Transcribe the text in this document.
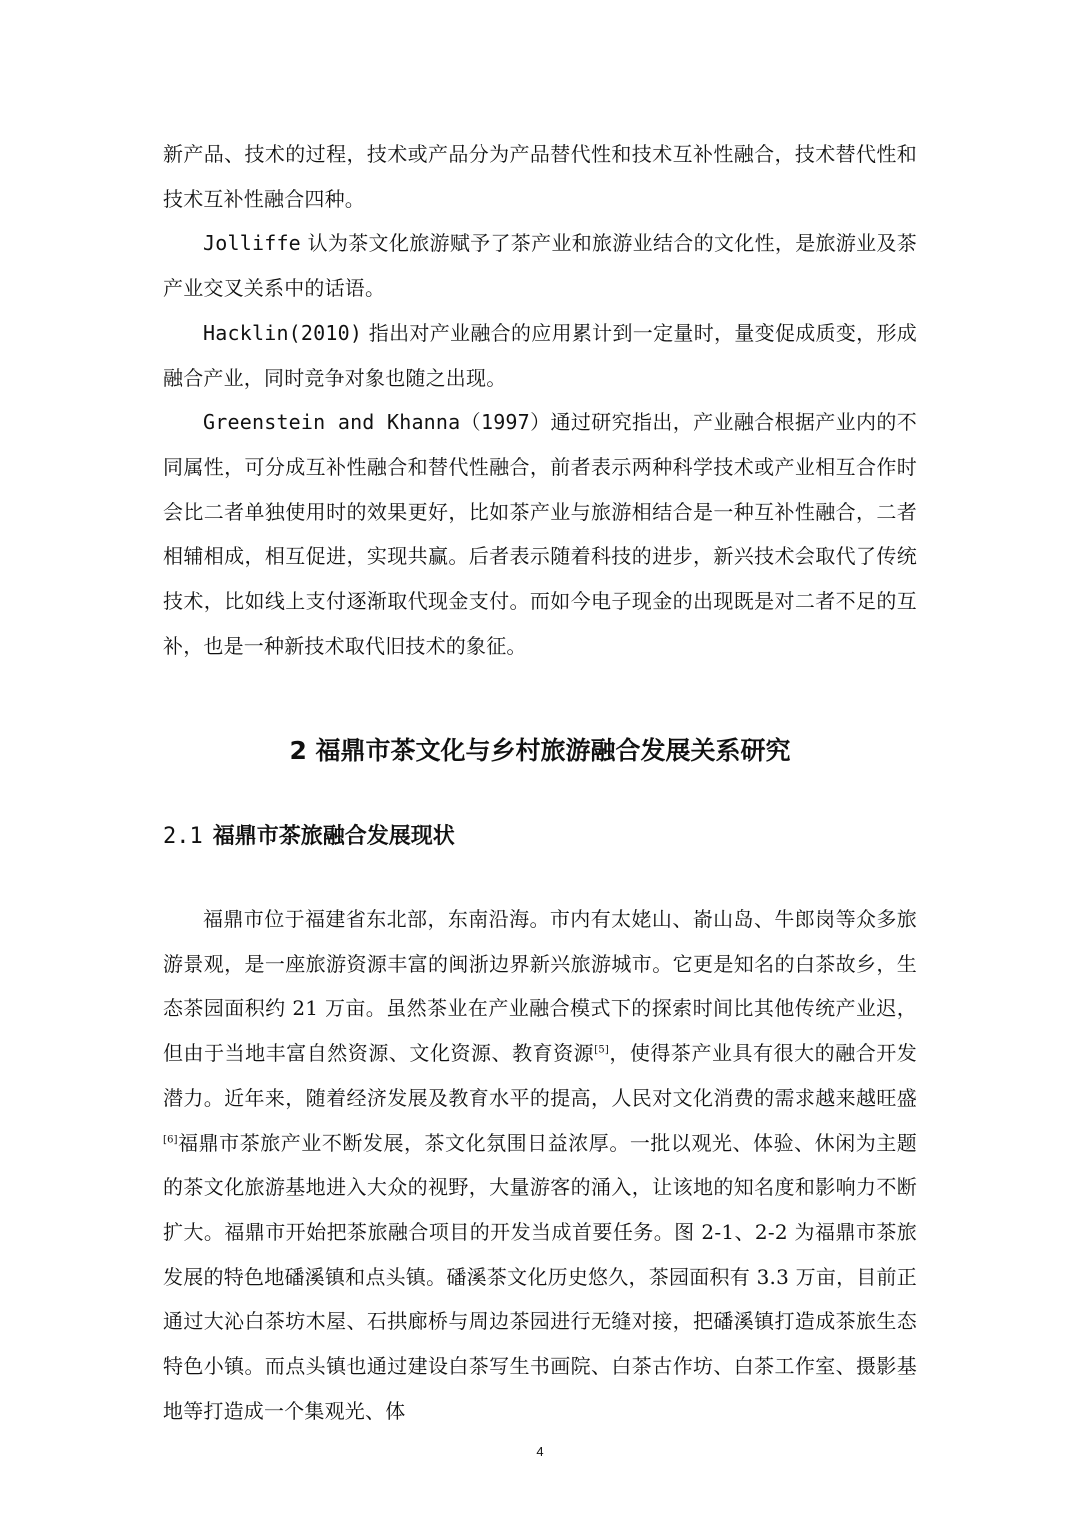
新产品、技术的过程，技术或产品分为产品替代性和技术互补性融合，技术替代性和技术互补性融合四种。

Jolliffe 认为茶文化旅游赋予了茶产业和旅游业结合的文化性，是旅游业及茶产业交叉关系中的话语。

Hacklin(2010) 指出对产业融合的应用累计到一定量时，量变促成质变，形成融合产业，同时竞争对象也随之出现。

Greenstein and Khanna（1997）通过研究指出，产业融合根据产业内的不同属性，可分成互补性融合和替代性融合，前者表示两种科学技术或产业相互合作时会比二者单独使用时的效果更好，比如茶产业与旅游相结合是一种互补性融合，二者相辅相成，相互促进，实现共赢。后者表示随着科技的进步，新兴技术会取代了传统技术，比如线上支付逐渐取代现金支付。而如今电子现金的出现既是对二者不足的互补，也是一种新技术取代旧技术的象征。

2 福鼎市茶文化与乡村旅游融合发展关系研究
2.1 福鼎市茶旅融合发展现状

福鼎市位于福建省东北部，东南沿海。市内有太姥山、嵛山岛、牛郎岗等众多旅游景观，是一座旅游资源丰富的闽浙边界新兴旅游城市。它更是知名的白茶故乡，生态茶园面积约 21 万亩。虽然茶业在产业融合模式下的探索时间比其他传统产业迟，但由于当地丰富自然资源、文化资源、教育资源[5]，使得茶产业具有很大的融合开发潜力。近年来，随着经济发展及教育水平的提高，人民对文化消费的需求越来越旺盛[6]福鼎市茶旅产业不断发展，茶文化氛围日益浓厚。一批以观光、体验、休闲为主题的茶文化旅游基地进入大众的视野，大量游客的涌入，让该地的知名度和影响力不断扩大。福鼎市开始把茶旅融合项目的开发当成首要任务。图 2-1、2-2 为福鼎市茶旅发展的特色地磻溪镇和点头镇。磻溪茶文化历史悠久，茶园面积有 3.3 万亩，目前正通过大沁白茶坊木屋、石拱廊桥与周边茶园进行无缝对接，把磻溪镇打造成茶旅生态特色小镇。而点头镇也通过建设白茶写生书画院、白茶古作坊、白茶工作室、摄影基地等打造成一个集观光、体

4
